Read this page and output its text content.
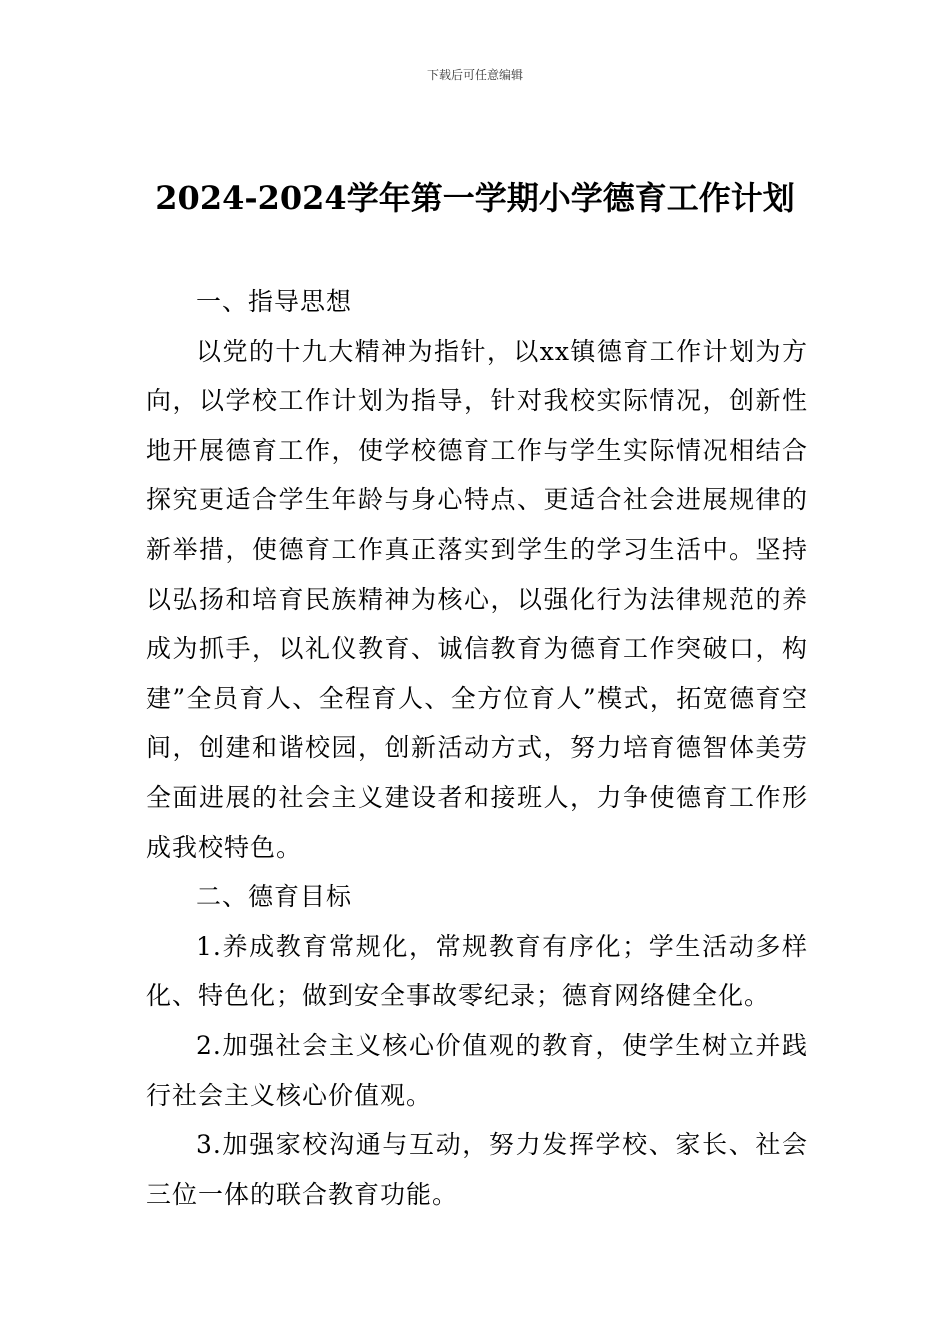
下载后可任意编辑
2024-2024学年第一学期小学德育工作计划

一、指导思想

以党的十九大精神为指针，以xx镇德育工作计划为方向，以学校工作计划为指导，针对我校实际情况，创新性地开展德育工作，使学校德育工作与学生实际情况相结合探究更适合学生年龄与身心特点、更适合社会进展规律的新举措，使德育工作真正落实到学生的学习生活中。坚持以弘扬和培育民族精神为核心，以强化行为法律规范的养成为抓手，以礼仪教育、诚信教育为德育工作突破口，构建”全员育人、全程育人、全方位育人”模式，拓宽德育空间，创建和谐校园，创新活动方式，努力培育德智体美劳全面进展的社会主义建设者和接班人，力争使德育工作形成我校特色。

二、德育目标

1.养成教育常规化，常规教育有序化；学生活动多样化、特色化；做到安全事故零纪录；德育网络健全化。

2.加强社会主义核心价值观的教育，使学生树立并践行社会主义核心价值观。

3.加强家校沟通与互动，努力发挥学校、家长、社会三位一体的联合教育功能。
